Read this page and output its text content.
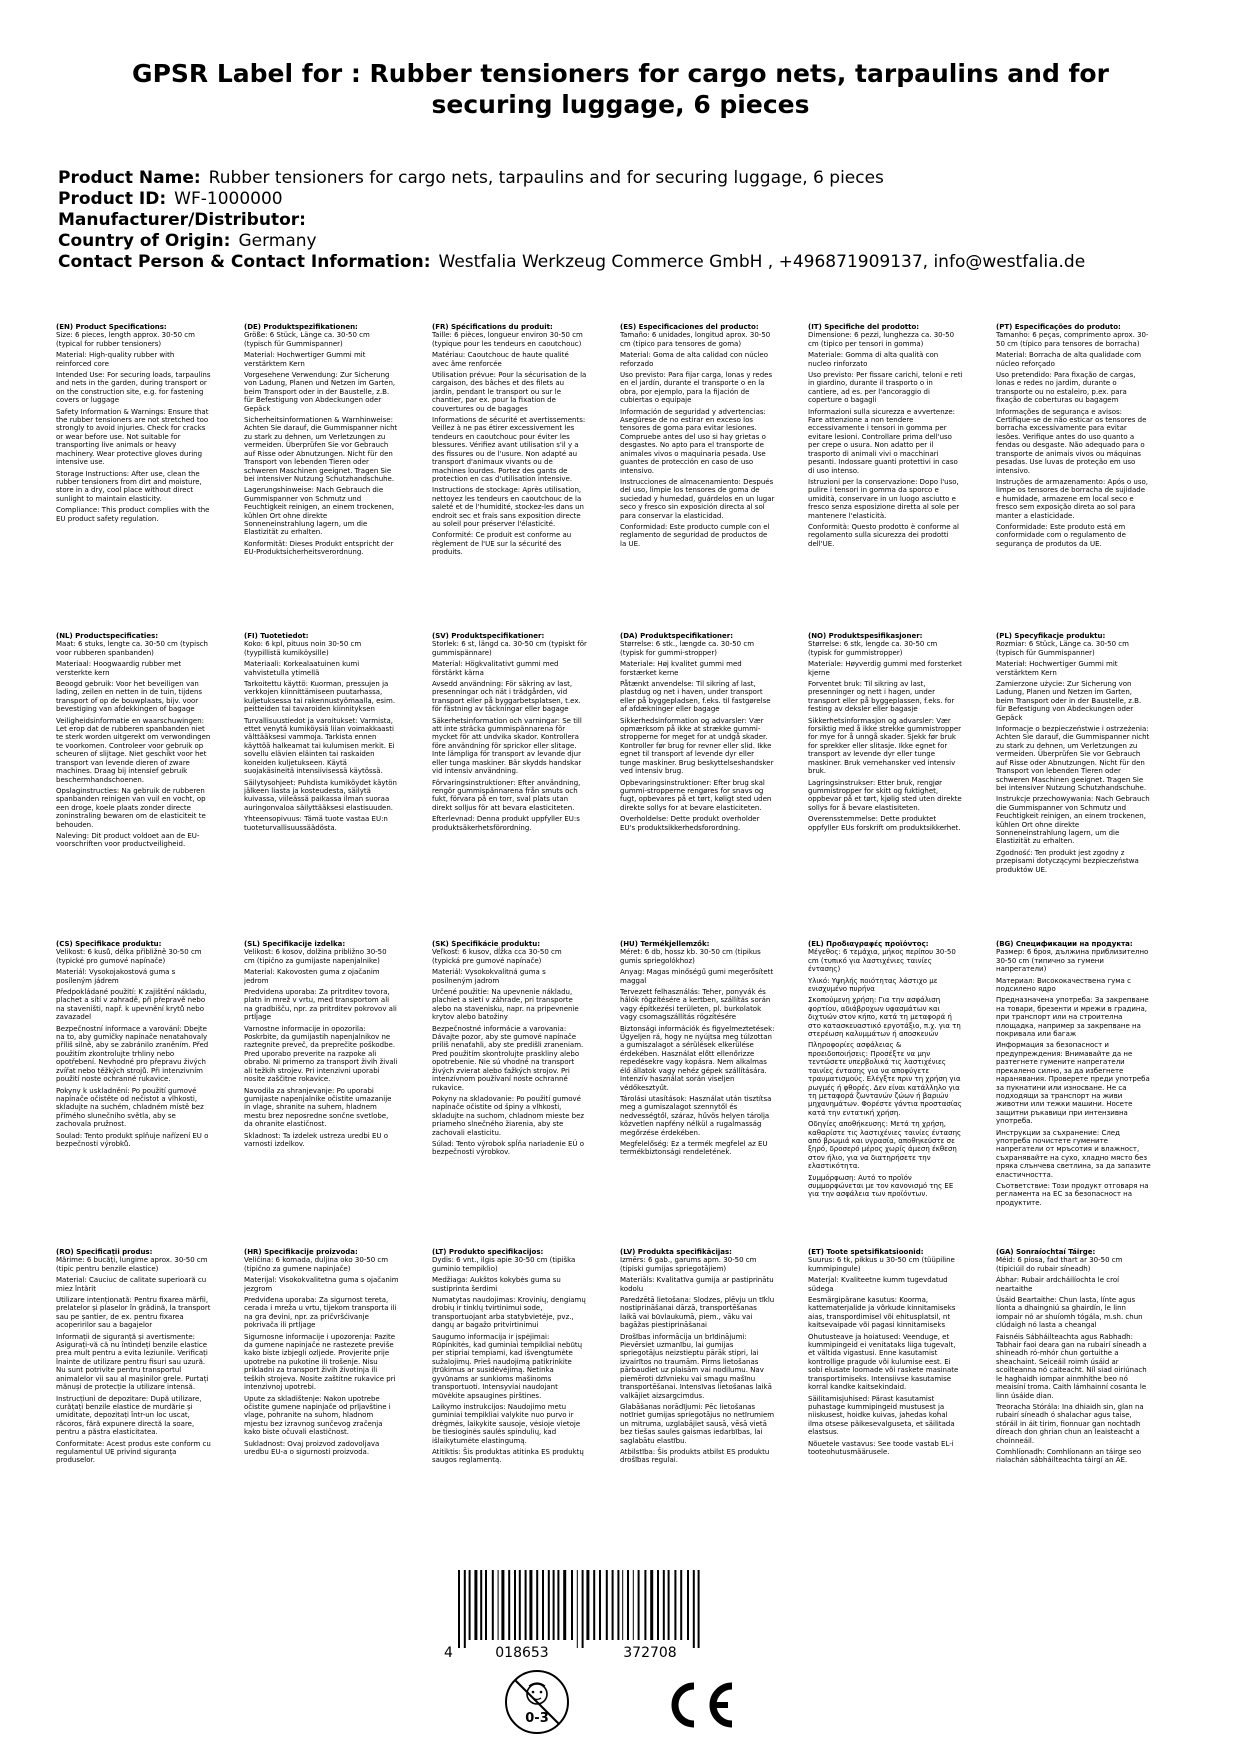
GPSR Label for : Rubber tensioners for cargo nets, tarpaulins and for securing luggage, 6 pieces
Product Name: Rubber tensioners for cargo nets, tarpaulins and for securing luggage, 6 pieces
Product ID: WF-1000000
Manufacturer/Distributor:
Country of Origin: Germany
Contact Person & Contact Information: Westfalia Werkzeug Commerce GmbH , +496871909137, info@westfalia.de
(EN) Product Specifications:

Size: 6 pieces, length approx. 30-50 cm (typical for rubber tensioners)

Material: High-quality rubber with reinforced core

Intended Use: For securing loads, tarpaulins and nets in the garden, during transport or on the construction site, e.g. for fastening covers or luggage

Safety Information & Warnings: Ensure that the rubber tensioners are not stretched too strongly to avoid injuries. Check for cracks or wear before use. Not suitable for transporting live animals or heavy machinery. Wear protective gloves during intensive use.

Storage Instructions: After use, clean the rubber tensioners from dirt and moisture, store in a dry, cool place without direct sunlight to maintain elasticity.

Compliance: This product complies with the EU product safety regulation.

(DE) Produktspezifikationen:

Größe: 6 Stück, Länge ca. 30-50 cm (typisch für Gummispanner)

Material: Hochwertiger Gummi mit verstärktem Kern

Vorgesehene Verwendung: Zur Sicherung von Ladung, Planen und Netzen im Garten, beim Transport oder in der Baustelle, z.B. für Befestigung von Abdeckungen oder Gepäck

Sicherheitsinformationen & Warnhinweise: Achten Sie darauf, die Gummispanner nicht zu stark zu dehnen, um Verletzungen zu vermeiden. Überprüfen Sie vor Gebrauch auf Risse oder Abnutzungen. Nicht für den Transport von lebenden Tieren oder schweren Maschinen geeignet. Tragen Sie bei intensiver Nutzung Schutzhandschuhe.

Lagerungshinweise: Nach Gebrauch die Gummispanner von Schmutz und Feuchtigkeit reinigen, an einem trockenen, kühlen Ort ohne direkte Sonneneinstrahlung lagern, um die Elastizität zu erhalten.

Konformität: Dieses Produkt entspricht der EU-Produktsicherheitsverordnung.

(FR) Spécifications du produit:

Taille: 6 pièces, longueur environ 30-50 cm (typique pour les tendeurs en caoutchouc)

Matériau: Caoutchouc de haute qualité avec âme renforcée

Utilisation prévue: Pour la sécurisation de la cargaison, des bâches et des filets au jardin, pendant le transport ou sur le chantier, par ex. pour la fixation de couvertures ou de bagages

Informations de sécurité et avertissements: Veillez à ne pas étirer excessivement les tendeurs en caoutchouc pour éviter les blessures. Vérifiez avant utilisation s'il y a des fissures ou de l'usure. Non adapté au transport d'animaux vivants ou de machines lourdes. Portez des gants de protection en cas d'utilisation intensive.

Instructions de stockage: Après utilisation, nettoyez les tendeurs en caoutchouc de la saleté et de l'humidité, stockez-les dans un endroit sec et frais sans exposition directe au soleil pour préserver l'élasticité.

Conformité: Ce produit est conforme au règlement de l'UE sur la sécurité des produits.

(ES) Especificaciones del producto:

Tamaño: 6 unidades, longitud aprox. 30-50 cm (típico para tensores de goma)

Material: Goma de alta calidad con núcleo reforzado

Uso previsto: Para fijar carga, lonas y redes en el jardín, durante el transporte o en la obra, por ejemplo, para la fijación de cubiertas o equipaje

Información de seguridad y advertencias: Asegúrese de no estirar en exceso los tensores de goma para evitar lesiones. Compruebe antes del uso si hay grietas o desgastes. No apto para el transporte de animales vivos o maquinaria pesada. Use guantes de protección en caso de uso intensivo.

Instrucciones de almacenamiento: Después del uso, limpie los tensores de goma de suciedad y humedad, guárdelos en un lugar seco y fresco sin exposición directa al sol para conservar la elasticidad.

Conformidad: Este producto cumple con el reglamento de seguridad de productos de la UE.

(IT) Specifiche del prodotto:

Dimensione: 6 pezzi, lunghezza ca. 30-50 cm (tipico per tensori in gomma)

Materiale: Gomma di alta qualità con nucleo rinforzato

Uso previsto: Per fissare carichi, teloni e reti in giardino, durante il trasporto o in cantiere, ad es. per l'ancoraggio di coperture o bagagli

Informazioni sulla sicurezza e avvertenze: Fare attenzione a non tendere eccessivamente i tensori in gomma per evitare lesioni. Controllare prima dell'uso per crepe o usura. Non adatto per il trasporto di animali vivi o macchinari pesanti. Indossare guanti protettivi in caso di uso intenso.

Istruzioni per la conservazione: Dopo l'uso, pulire i tensori in gomma da sporco e umidità, conservare in un luogo asciutto e fresco senza esposizione diretta al sole per mantenere l'elasticità.

Conformità: Questo prodotto è conforme al regolamento sulla sicurezza dei prodotti dell'UE.

(PT) Especificações do produto:

Tamanho: 6 peças, comprimento aprox. 30-50 cm (típico para tensores de borracha)

Material: Borracha de alta qualidade com núcleo reforçado

Uso pretendido: Para fixação de cargas, lonas e redes no jardim, durante o transporte ou no estaleiro, p.ex. para fixação de coberturas ou bagagem

Informações de segurança e avisos: Certifique-se de não esticar os tensores de borracha excessivamente para evitar lesões. Verifique antes do uso quanto a fendas ou desgaste. Não adequado para o transporte de animais vivos ou máquinas pesadas. Use luvas de proteção em uso intensivo.

Instruções de armazenamento: Após o uso, limpe os tensores de borracha de sujidade e humidade, armazene em local seco e fresco sem exposição direta ao sol para manter a elasticidade.

Conformidade: Este produto está em conformidade com o regulamento de segurança de produtos da UE.

(NL) Productspecificaties:

Maat: 6 stuks, lengte ca. 30-50 cm (typisch voor rubberen spanbanden)

Materiaal: Hoogwaardig rubber met versterkte kern

Beoogd gebruik: Voor het beveiligen van lading, zeilen en netten in de tuin, tijdens transport of op de bouwplaats, bijv. voor bevestiging van afdekkingen of bagage

Veiligheidsinformatie en waarschuwingen: Let erop dat de rubberen spanbanden niet te sterk worden uitgerekt om verwondingen te voorkomen. Controleer voor gebruik op scheuren of slijtage. Niet geschikt voor het transport van levende dieren of zware machines. Draag bij intensief gebruik beschermhandschoenen.

Opslaginstructies: Na gebruik de rubberen spanbanden reinigen van vuil en vocht, op een droge, koele plaats zonder directe zoninstraling bewaren om de elasticiteit te behouden.

Naleving: Dit product voldoet aan de EU-voorschriften voor productveiligheid.

(FI) Tuotetiedot:

Koko: 6 kpl, pituus noin 30-50 cm (tyypillistä kumiköysille)

Materiaali: Korkealaatuinen kumi vahvistetulla ytimellä

Tarkoitettu käyttö: Kuorman, pressujen ja verkkojen kiinnittämiseen puutarhassa, kuljetuksessa tai rakennustyömaalla, esim. peitteiden tai tavaroiden kiinnityksen

Turvallisuustiedot ja varoitukset: Varmista, ettet venytä kumiköysiä liian voimakkaasti välttääksesi vammoja. Tarkista ennen käyttöä halkeamat tai kulumisen merkit. Ei sovellu elävien eläinten tai raskaiden koneiden kuljetukseen. Käytä suojakäsineitä intensiivisessä käytössä.

Säilytysohjeet: Puhdista kumiköydet käytön jälkeen liasta ja kosteudesta, säilytä kuivassa, viileässä paikassa ilman suoraa auringonvaloa säilyttääksesi elastisuuden.

Yhteensopivuus: Tämä tuote vastaa EU:n tuoteturvallisuussäädösta.

(SV) Produktspecifikationer:

Storlek: 6 st, längd ca. 30-50 cm (typiskt för gummispännare)

Material: Högkvalitativt gummi med förstärkt kärna

Avsedd användning: För säkring av last, presenningar och nät i trädgården, vid transport eller på byggarbetsplatsen, t.ex. för fästning av täckningar eller bagage

Säkerhetsinformation och varningar: Se till att inte sträcka gummispännarena för mycket för att undvika skador. Kontrollera före användning för sprickor eller slitage. Inte lämpliga för transport av levande djur eller tunga maskiner. Bär skydds handskar vid intensiv användning.

Förvaringsinstruktioner: Efter användning, rengör gummispännarena från smuts och fukt, förvara på en torr, sval plats utan direkt solljus för att bevara elasticiteten.

Efterlevnad: Denna produkt uppfyller EU:s produktsäkerhetsförordning.

(DA) Produktspecifikationer:

Størrelse: 6 stk., længde ca. 30-50 cm (typisk for gummi-stropper)

Materiale: Høj kvalitet gummi med forstærket kerne

Påtænkt anvendelse: Til sikring af last, plastdug og net i haven, under transport eller på byggepladsen, f.eks. til fastgørelse af afdækninger eller bagage

Sikkerhedsinformation og advarsler: Vær opmærksom på ikke at strække gummi-stropperne for meget for at undgå skader. Kontroller før brug for revner eller slid. Ikke egnet til transport af levende dyr eller tunge maskiner. Brug beskyttelseshandsker ved intensiv brug.

Opbevaringsinstruktioner: Efter brug skal gummi-stropperne rengøres for snavs og fugt, opbevares på et tørt, køligt sted uden direkte sollys for at bevare elasticiteten.

Overholdelse: Dette produkt overholder EU's produktsikkerhedsforordning.

(NO) Produktspesifikasjoner:

Størrelse: 6 stk, lengde ca. 30-50 cm (typisk for gummistropper)

Materiale: Høyverdig gummi med forsterket kjerne

Forventet bruk: Til sikring av last, presenninger og nett i hagen, under transport eller på byggeplassen, f.eks. for festing av deksler eller bagasje

Sikkerhetsinformasjon og advarsler: Vær forsiktig med å ikke strekke gummistropper for mye for å unngå skader. Sjekk før bruk for sprekker eller slitasje. Ikke egnet for transport av levende dyr eller tunge maskiner. Bruk vernehansker ved intensiv bruk.

Lagringsinstrukser: Etter bruk, rengjør gummistropper for skitt og fuktighet, oppbevar på et tørt, kjølig sted uten direkte sollys for å bevare elastisiteten.

Overensstemmelse: Dette produktet oppfyller EUs forskrift om produktsikkerhet.

(PL) Specyfikacje produktu:

Rozmiar: 6 Stück, Länge ca. 30-50 cm (typisch für Gummispanner)

Materiał: Hochwertiger Gummi mit verstärktem Kern

Zamierzone użycie: Zur Sicherung von Ladung, Planen und Netzen im Garten, beim Transport oder in der Baustelle, z.B. für Befestigung von Abdeckungen oder Gepäck

Informacje o bezpieczeństwie i ostrzeżenia: Achten Sie darauf, die Gummispanner nicht zu stark zu dehnen, um Verletzungen zu vermeiden. Überprüfen Sie vor Gebrauch auf Risse oder Abnutzungen. Nicht für den Transport von lebenden Tieren oder schweren Maschinen geeignet. Tragen Sie bei intensiver Nutzung Schutzhandschuhe.

Instrukcje przechowywania: Nach Gebrauch die Gummispanner von Schmutz und Feuchtigkeit reinigen, an einem trockenen, kühlen Ort ohne direkte Sonneneinstrahlung lagern, um die Elastizität zu erhalten.

Zgodność: Ten produkt jest zgodny z przepisami dotyczącymi bezpieczeństwa produktów UE.

(CS) Specifikace produktu:

Velikost: 6 kusů, délka přibližně 30-50 cm (typické pro gumové napínače)

Materiál: Vysokojakostová guma s posíleným jádrem

Předpokládané použití: K zajištění nákladu, plachet a sítí v zahradě, při přepravě nebo na staveništi, např. k upevnění krytů nebo zavazadel

Bezpečnostní informace a varování: Dbejte na to, aby gumičky napínače nenatahovaly příliš silně, aby se zabránilo zraněním. Před použitím zkontrolujte trhliny nebo opotřebení. Nevhodné pro přepravu živých zvířat nebo těžkých strojů. Při intenzivním použití noste ochranné rukavice.

Pokyny k uskladnění: Po použití gumové napínače očistěte od nečistot a vlhkosti, skladujte na suchém, chladném místě bez přímého slunečního světla, aby se zachovala pružnost.

Soulad: Tento produkt splňuje nařízení EU o bezpečnosti výrobků.

(SL) Specifikacije izdelka:

Velikost: 6 kosov, dolžina približno 30-50 cm (tipično za gumijaste napenjalnike)

Material: Kakovosten guma z ojačanim jedrom

Predvidena uporaba: Za pritrditev tovora, platn in mrež v vrtu, med transportom ali na gradbišču, npr. za pritrditev pokrovov ali prtljage

Varnostne informacije in opozorila: Poskrbite, da gumijastih napenjalnikov ne raztegnite preveč, da preprečite poškodbe. Pred uporabo preverite na razpoke ali obrabo. Ni primerno za transport živih živali ali težkih strojev. Pri intenzivni uporabi nosite zaščitne rokavice.

Navodila za shranjevanje: Po uporabi gumijaste napenjalnike očistite umazanije in vlage, shranite na suhem, hladnem mestu brez neposredne sončne svetlobe, da ohranite elastičnost.

Skladnost: Ta izdelek ustreza uredbi EU o varnosti izdelkov.

(SK) Špecifikácie produktu:

Veľkosť: 6 kusov, dĺžka cca 30-50 cm (typická pre gumové napínače)

Materiál: Vysokokvalitná guma s posilneným jadrom

Určené použitie: Na upevnenie nákladu, plachiet a sietí v záhrade, pri transporte alebo na stavenisku, napr. na pripevnenie krytov alebo batožiny

Bezpečnostné informácie a varovania: Dávajte pozor, aby ste gumové napínače príliš nenaťahli, aby ste predišli zraneniam. Pred použitím skontrolujte praskliny alebo opotrebenie. Nie sú vhodné na transport živých zvierat alebo ťažkých strojov. Pri intenzívnom používaní noste ochranné rukavice.

Pokyny na skladovanie: Po použití gumové napínače očistite od špiny a vlhkosti, skladujte na suchom, chladnom mieste bez priameho slnečného žiarenia, aby ste zachovali elasticitu.

Súlad: Tento výrobok spĺňa nariadenie EÚ o bezpečnosti výrobkov.

(HU) Termékjellemzők:

Méret: 6 db, hossz kb. 30-50 cm (tipikus gumis spriegolókhoz)

Anyag: Magas minőségű gumi megerősített maggal

Tervezett felhasználás: Teher, ponyvák és hálók rögzítésére a kertben, szállítás során vagy építkezési területen, pl. burkolatok vagy csomagszállítás rögzítésére

Biztonsági információk és figyelmeztetések: Ügyeljen rá, hogy ne nyújtsa meg túlzottan a gumiszalagot a sérülések elkerülése érdekében. Használat előtt ellenőrizze repedésekre vagy kopásra. Nem alkalmas élő állatok vagy nehéz gépek szállítására. Intenzív használat során viseljen védőkesztyűt.

Tárolási utasítások: Használat után tisztítsa meg a gumiszalagot szennytől és nedvességtől, száraz, hűvös helyen tárolja közvetlen napfény nélkül a rugalmasság megőrzése érdekében.

Megfelelőség: Ez a termék megfelel az EU termékbiztonsági rendeletének.

(EL) Προδιαγραφές προϊόντος:

Μέγεθος: 6 τεμάχια, μήκος περίπου 30-50 cm (τυπικό για λαστιχένιες ταινίες έντασης)

Υλικό: Υψηλής ποιότητας λάστιχο με ενισχυμένο πυρήνα

Σκοπούμενη χρήση: Για την ασφάλιση φορτίου, αδιάβροχων υφασμάτων και διχτυών στον κήπο, κατά τη μεταφορά ή στο κατασκευαστικό εργοτάξιο, π.χ. για τη στερέωση καλυμμάτων ή αποσκευών

Πληροφορίες ασφάλειας & προειδοποιήσεις: Προσέξτε να μην τεντώσετε υπερβολικά τις λαστιχένιες ταινίες έντασης για να αποφύγετε τραυματισμούς. Ελέγξτε πριν τη χρήση για ρωγμές ή φθορές. Δεν είναι κατάλληλο για τη μεταφορά ζωντανών ζώων ή βαριών μηχανημάτων. Φορέστε γάντια προστασίας κατά την εντατική χρήση.

Οδηγίες αποθήκευσης: Μετά τη χρήση, καθαρίστε τις λαστιχένιες ταινίες έντασης από βρωμιά και υγρασία, αποθηκεύστε σε ξηρό, δροσερό μέρος χωρίς άμεση έκθεση στον ήλιο, για να διατηρήσετε την ελαστικότητα.

Συμμόρφωση: Αυτό το προϊόν συμμορφώνεται με τον κανονισμό της ΕΕ για την ασφάλεια των προϊόντων.

(BG) Спецификации на продукта:

Размер: 6 броя, дължина приблизително 30-50 cm (типично за гумени напрегатели)

Материал: Висококачествена гума с подсилено ядро

Предназначена употреба: За закрепване на товари, брезенти и мрежи в градина, при транспорт или на строителна площадка, например за закрепване на покривала или багаж

Информация за безопасност и предупреждения: Внимавайте да не разтегнете гумените напрегатели прекалено силно, за да избегнете наранявания. Проверете преди употреба за пукнатини или износване. Не са подходящи за транспорт на живи животни или тежки машини. Носете защитни ръкавици при интензивна употреба.

Инструкции за съхранение: След употреба почистете гумените напрегатели от мръсотия и влажност, съхранявайте на сухо, хладно място без пряка слънчева светлина, за да запазите еластичността.

Съответствие: Този продукт отговаря на регламента на ЕС за безопасност на продуктите.

(RO) Specificații produs:

Mărime: 6 bucăți, lungime aprox. 30-50 cm (tipic pentru benzile elastice)

Material: Cauciuc de calitate superioară cu miez întărit

Utilizare intenționată: Pentru fixarea mărfii, prelatelor și plaselor în grădină, la transport sau pe șantier, de ex. pentru fixarea acoperirilor sau a bagajelor

Informații de siguranță și avertismente: Asigurați-vă că nu întindeți benzile elastice prea mult pentru a evita leziunile. Verificați înainte de utilizare pentru fisuri sau uzură. Nu sunt potrivite pentru transportul animalelor vii sau al mașinilor grele. Purtați mănuși de protecție la utilizare intensă.

Instrucțiuni de depozitare: După utilizare, curățați benzile elastice de murdărie și umiditate, depozitați într-un loc uscat, răcoros, fără expunere directă la soare, pentru a păstra elasticitatea.

Conformitate: Acest produs este conform cu regulamentul UE privind siguranța produselor.

(HR) Specifikacije proizvoda:

Veličina: 6 komada, duljina oko 30-50 cm (tipično za gumene napinjače)

Materijal: Visokokvalitetna guma s ojačanim jezgrom

Predviđena uporaba: Za sigurnost tereta, cerada i mreža u vrtu, tijekom transporta ili na gra đevini, npr. za pričvršćivanje pokrivača ili prtljage

Sigurnosne informacije i upozorenja: Pazite da gumene napinjače ne rastezete previše kako biste izbjegli ozljede. Provjerite prije upotrebe na pukotine ili trošenje. Nisu prikladni za transport živih životinja ili teških strojeva. Nosite zaštitne rukavice pri intenzivnoj upotrebi.

Upute za skladištenje: Nakon upotrebe očistite gumene napinjače od prljavštine i vlage, pohranite na suhom, hladnom mjestu bez izravnog sunčevog zračenja kako biste očuvali elastičnost.

Sukladnost: Ovaj proizvod zadovoljava uredbu EU-a o sigurnosti proizvoda.

(LT) Produkto specifikacijos:

Dydis: 6 vnt., ilgis apie 30-50 cm (tipiška guminio tempiklio)

Medžiaga: Aukštos kokybės guma su sustiprinta šerdimi

Numatytas naudojimas: Krovinių, dengiamų drobių ir tinklų tvirtinimui sode, transportuojant arba statybvietėje, pvz., dangų ar bagažo pritvirtinimui

Saugumo informacija ir įspėjimai: Rūpinkitės, kad guminiai tempikliai nebūtų per stipriai tempiami, kad išvengtumėte sužalojimų. Prieš naudojimą patikrinkite įtrūkimus ar susidėvėjimą. Netinka gyvūnams ar sunkioms mašinoms transportuoti. Intensyviai naudojant mūvėkite apsaugines pirštines.

Laikymo instrukcijos: Naudojimo metu guminiai tempikliai valykite nuo purvo ir drėgmės, laikykite sausoje, vėsioje vietoje be tiesioginės saulės spindulių, kad išlaikytumėte elastingumą.

Atitiktis: Šis produktas atitinka ES produktų saugos reglamentą.

(LV) Produkta specifikācijas:

Izmērs: 6 gab., garums apm. 30-50 cm (tipiski gumijas spriegotājiem)

Materiāls: Kvalitatīva gumija ar pastiprinātu kodolu

Paredzētā lietošana: Slodzes, plēvju un tīklu nostiprināšanai dārzā, transportēšanas laikā vai būvlaukumā, piem., vāku vai bagāžas piestiprināšanai

Drošības informācija un brīdinājumi: Pievērsiet uzmanību, lai gumijas spriegotājus neizstieptu pārāk stipri, lai izvairītos no traumām. Pirms lietošanas pārbaudiet uz plaisām vai nodilumu. Nav piemēroti dzīvnieku vai smagu mašīnu transportēšanai. Intensīvas lietošanas laikā valkājiet aizsargcimdus.

Glabāšanas norādījumi: Pēc lietošanas notīriet gumijas spriegotājus no netīrumiem un mitruma, uzglabājiet sausā, vēsā vietā bez tiešas saules gaismas iedarbības, lai saglabātu elastību.

Atbilstība: Šis produkts atbilst ES produktu drošības regulai.

(ET) Toote spetsifikatsioonid:

Suurus: 6 tk, pikkus u 30-50 cm (tüüpiline kummipingule)

Materjal: Kvaliteetne kumm tugevdatud südega

Eesmärgipärane kasutus: Koorma, kattematerjalide ja võrkude kinnitamiseks aias, transpordimisel või ehitusplatsil, nt kaitsevaipade või pagasi kinnitamiseks

Ohutusteave ja hoiatused: Veenduge, et kummipingeid ei venitataks liiga tugevalt, et vältida vigastusi. Enne kasutamist kontrollige pragude või kulumise eest. Ei sobi elusate loomade või raskete masinate transportimiseks. Intensiivse kasutamise korral kandke kaitsekindaid.

Säilitamisjuhised: Pärast kasutamist puhastage kummipingeid mustusest ja niiskusest, hoidke kuivas, jahedas kohal ilma otsese päikesevalguseta, et säilitada elastsus.

Nõuetele vastavus: See toode vastab EL-i tooteohutusmääruselе.

(GA) Sonraíochtaí Táirge:

Méid: 6 píosa, fad thart ar 30-50 cm (tipiciúil do rubair síneadh)

Ábhar: Rubair ardcháilíochta le croí neartaithe

Úsáid Beartaithe: Chun lasta, línte agus líonta a dhaingniú sa ghairdín, le linn iompair nó ar shuíomh tógála, m.sh. chun clúdaigh nó lasta a cheangal

Faisnéis Sábháilteachta agus Rabhadh: Tabhair faoi deara gan na rubairí síneadh a shíneadh ró-mhór chun gortuithe a sheachaint. Seiceáil roimh úsáid ar scoilteanna nó caiteacht. Níl siad oiriúnach le haghaidh iompar ainmhithe beo nó meaisíní troma. Caith lámhainní cosanta le linn úsáide dian.

Treoracha Stórála: Ina dhiaidh sin, glan na rubairí síneadh ó shalachar agus taise, stóráil in áit tirim, fionnuar gan nochtadh díreach don ghrian chun an leaisteacht a choinneáil.

Comhlíonadh: Comhlíonann an táirge seo rialachán sábháilteachta táirgí an AE.

4	018653	372708
0-3
